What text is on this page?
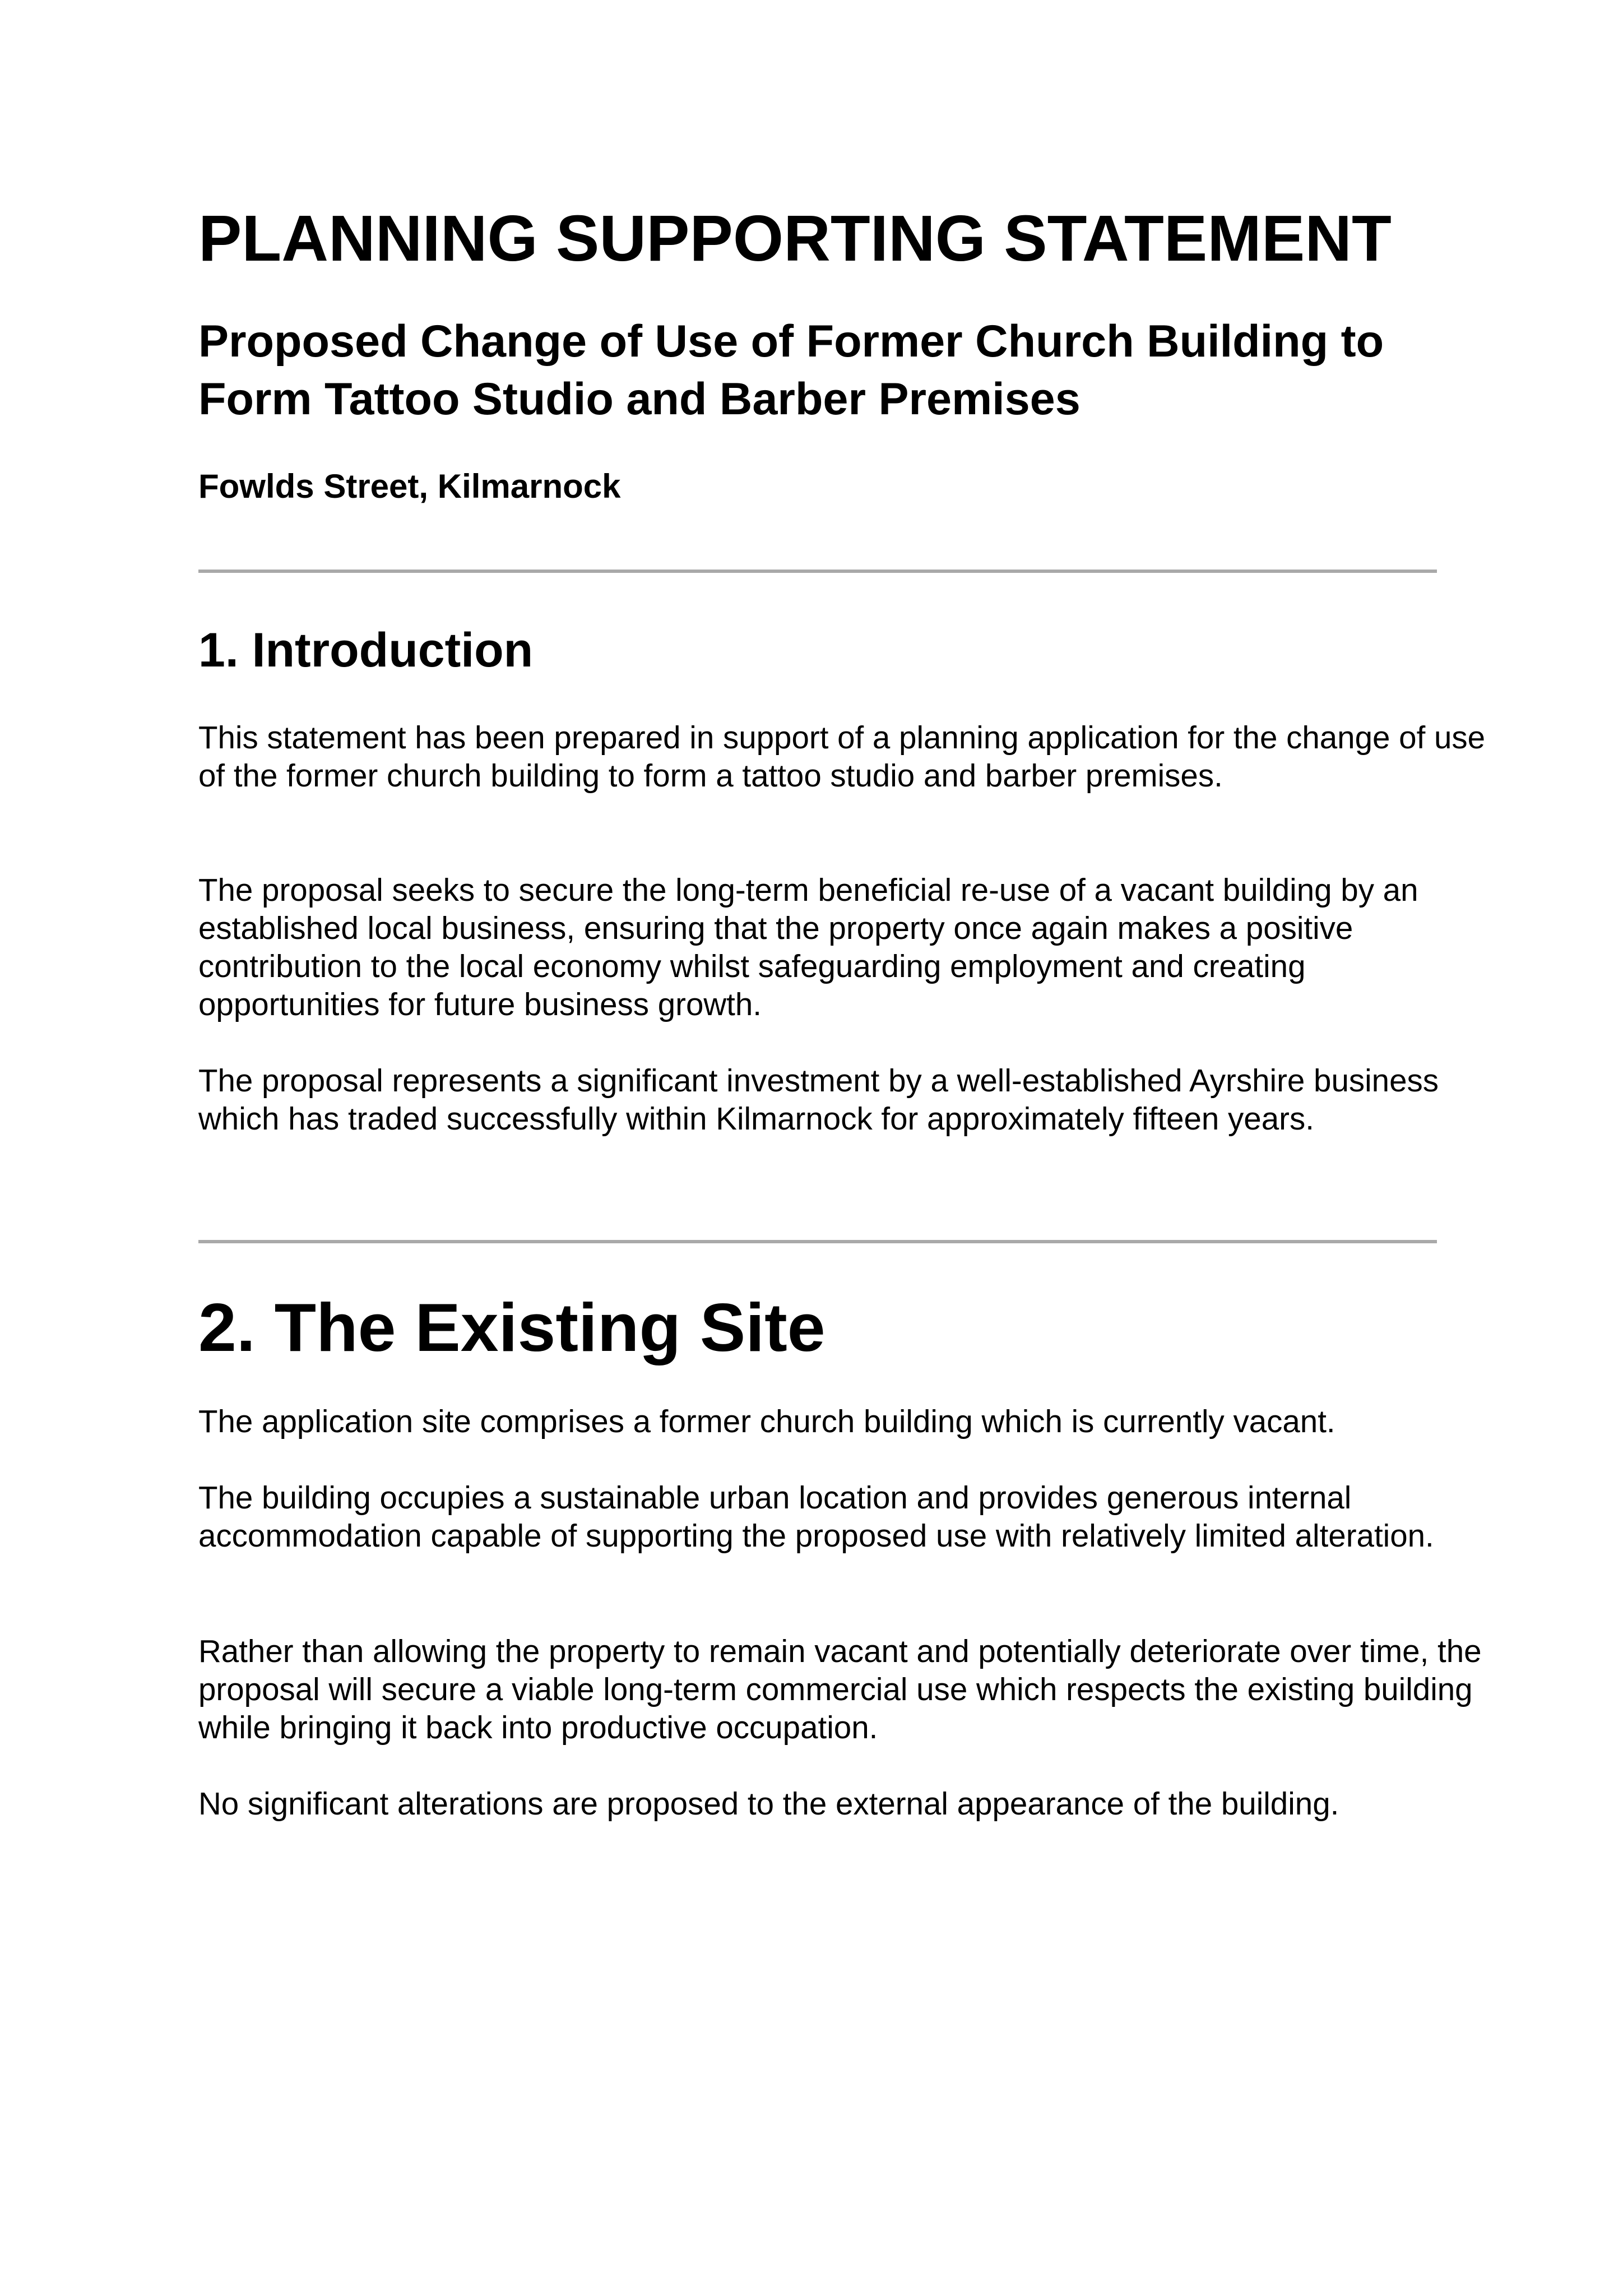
PLANNING SUPPORTING STATEMENT
Proposed Change of Use of Former Church Building to Form Tattoo Studio and Barber Premises
Fowlds Street, Kilmarnock
1. Introduction

This statement has been prepared in support of a planning application for the change of use of the former church building to form a tattoo studio and barber premises.

The proposal seeks to secure the long-term beneficial re-use of a vacant building by an established local business, ensuring that the property once again makes a positive contribution to the local economy whilst safeguarding employment and creating opportunities for future business growth.

The proposal represents a significant investment by a well-established Ayrshire business which has traded successfully within Kilmarnock for approximately fifteen years.

2. The Existing Site

The application site comprises a former church building which is currently vacant.

The building occupies a sustainable urban location and provides generous internal accommodation capable of supporting the proposed use with relatively limited alteration.

Rather than allowing the property to remain vacant and potentially deteriorate over time, the proposal will secure a viable long-term commercial use which respects the existing building while bringing it back into productive occupation.

No significant alterations are proposed to the external appearance of the building.
